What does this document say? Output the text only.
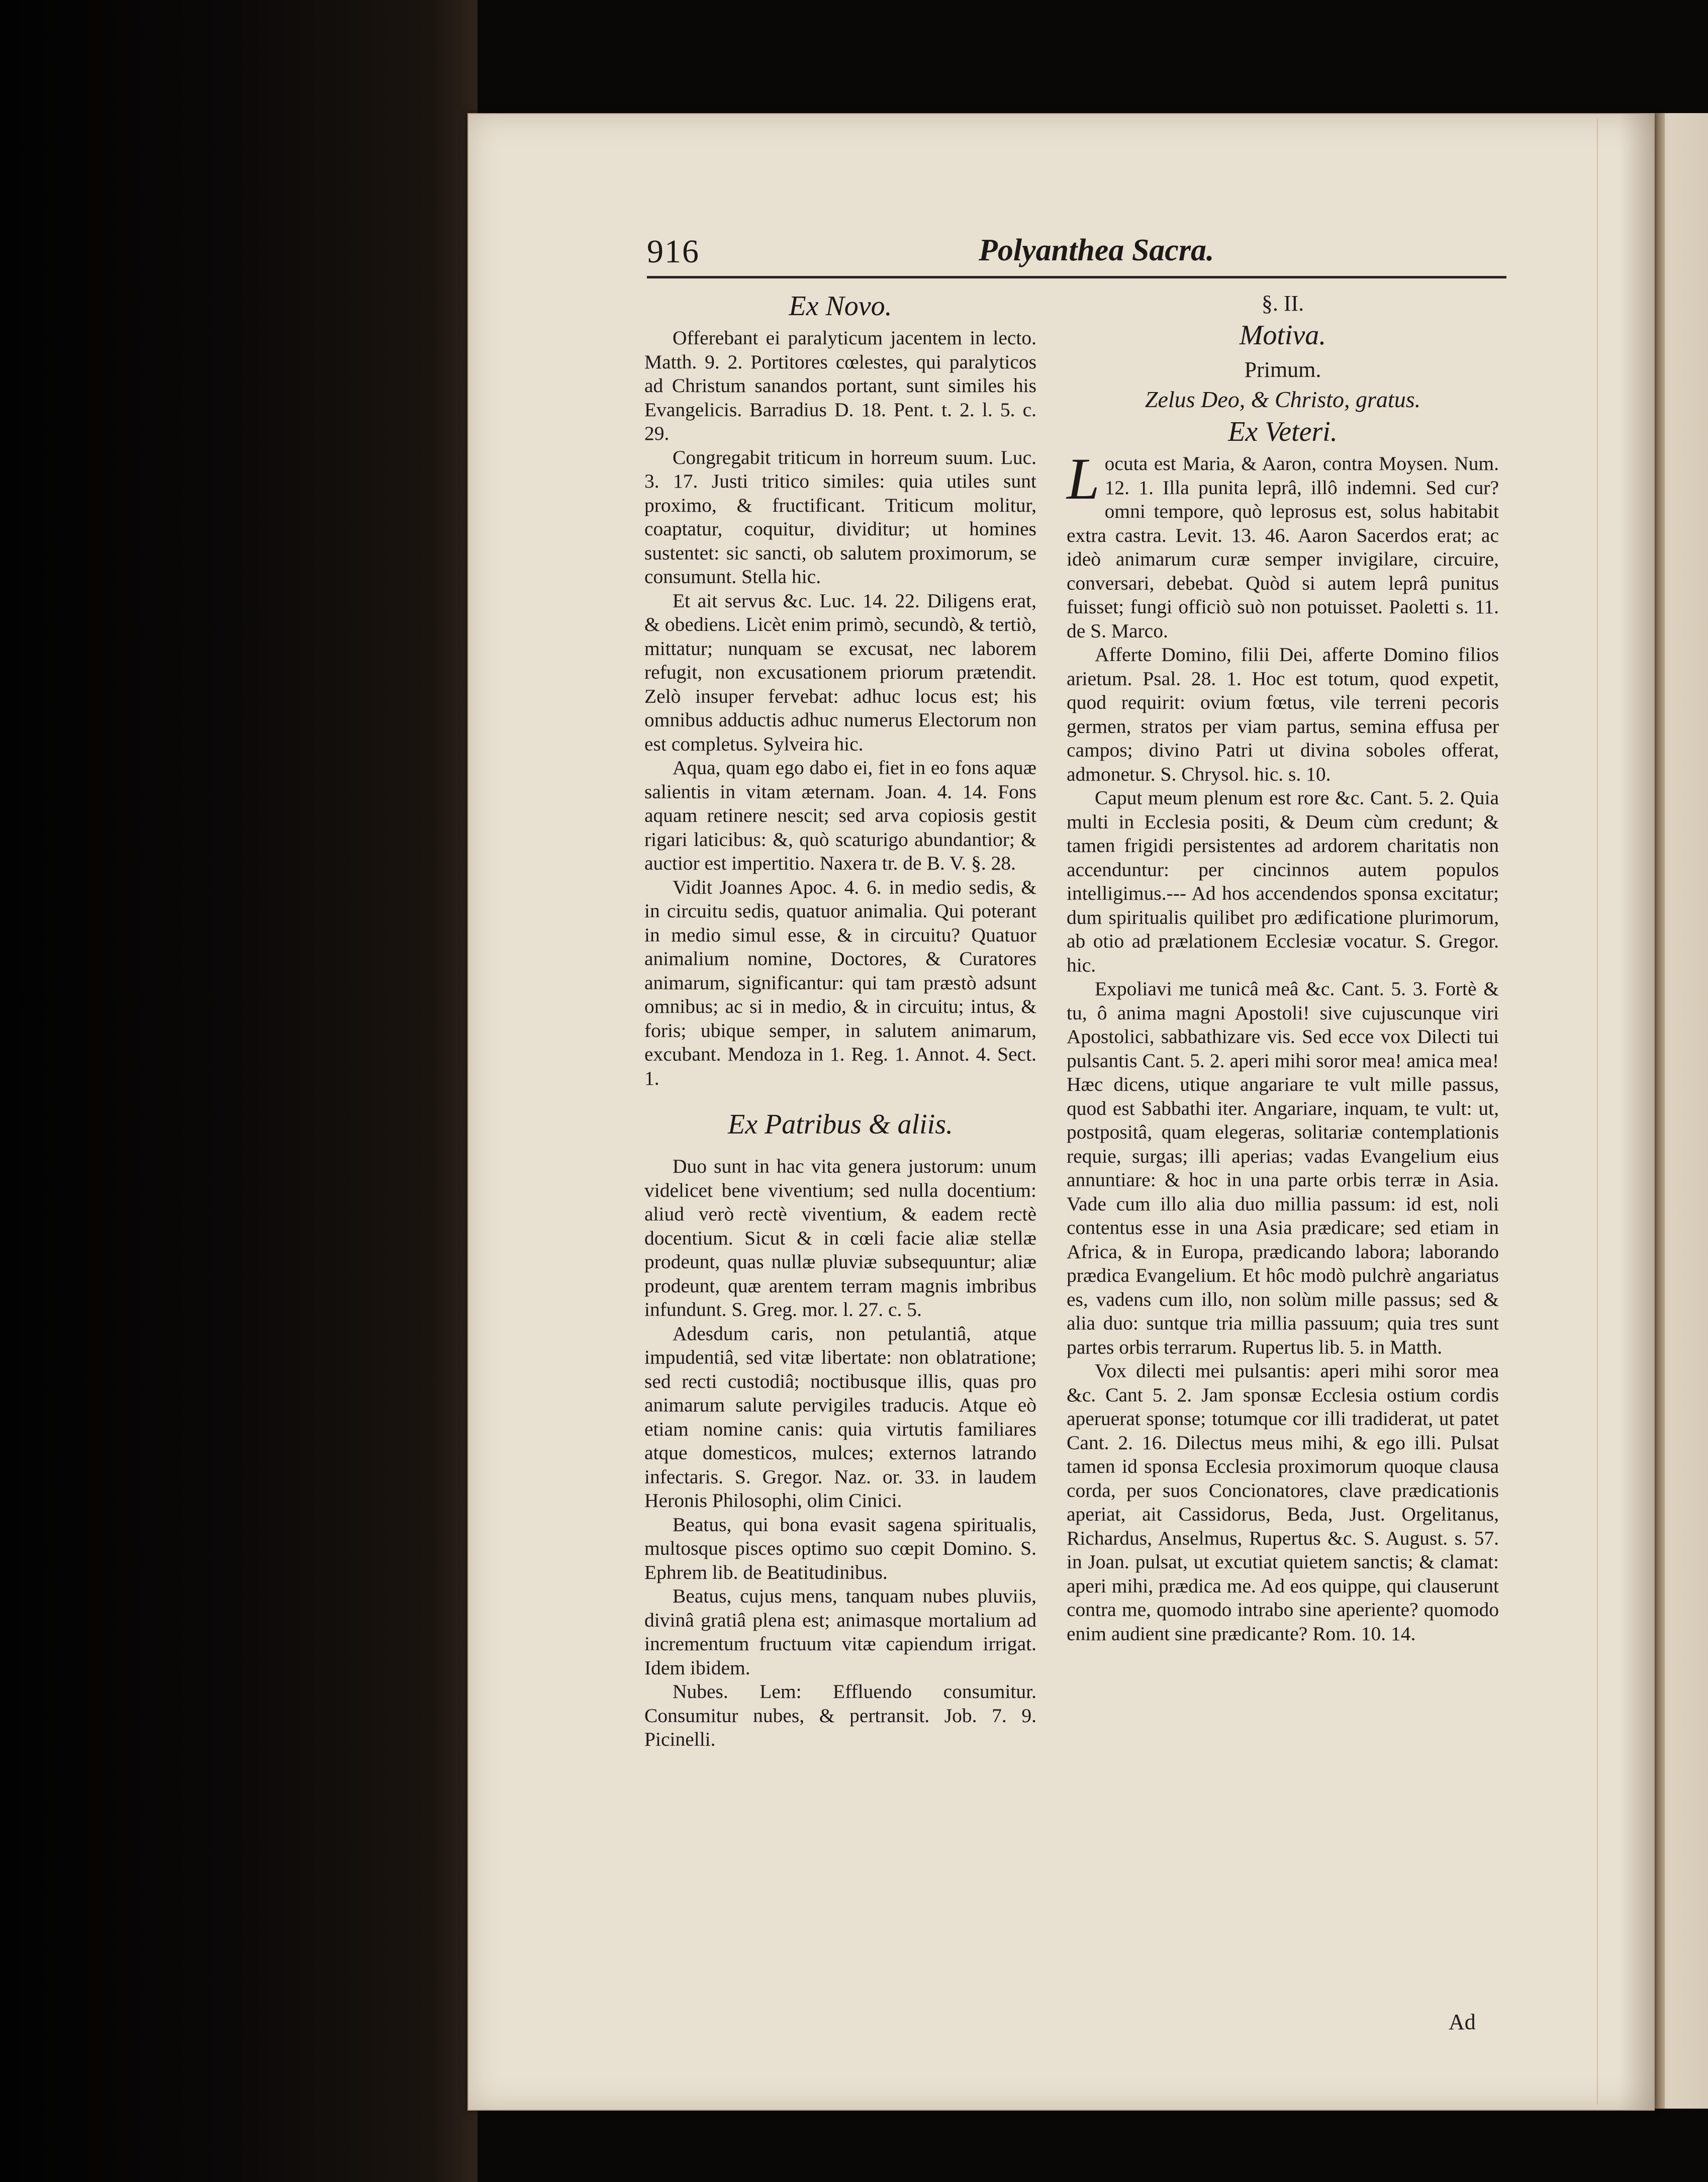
916	Polyanthea Sacra.
Ex Novo.

Offerebant ei paralyticum jacentem in lecto. Matth. 9. 2. Portitores cœlestes, qui paralyticos ad Christum sanandos portant, sunt similes his Evangelicis. Barradius D. 18. Pent. t. 2. l. 5. c. 29.

Congregabit triticum in horreum suum. Luc. 3. 17. Justi tritico similes: quia utiles sunt proximo, & fructificant. Triticum molitur, coaptatur, coquitur, dividitur; ut homines sustentet: sic sancti, ob salutem proximorum, se consumunt. Stella hic.

Et ait servus &c. Luc. 14. 22. Diligens erat, & obediens. Licèt enim primò, secundò, & tertiò, mittatur; nunquam se excusat, nec laborem refugit, non excusationem priorum prætendit. Zelò insuper fervebat: adhuc locus est; his omnibus adductis adhuc numerus Electorum non est completus. Sylveira hic.

Aqua, quam ego dabo ei, fiet in eo fons aquæ salientis in vitam æternam. Joan. 4. 14. Fons aquam retinere nescit; sed arva copiosis gestit rigari laticibus: &, quò scaturigo abundantior; & auctior est impertitio. Naxera tr. de B. V. §. 28.

Vidit Joannes Apoc. 4. 6. in medio sedis, & in circuitu sedis, quatuor animalia. Qui poterant in medio simul esse, & in circuitu? Quatuor animalium nomine, Doctores, & Curatores animarum, significantur: qui tam præstò adsunt omnibus; ac si in medio, & in circuitu; intus, & foris; ubique semper, in salutem animarum, excubant. Mendoza in 1. Reg. 1. Annot. 4. Sect. 1.

Ex Patribus & aliis.

Duo sunt in hac vita genera justorum: unum videlicet bene viventium; sed nulla docentium: aliud verò rectè viventium, & eadem rectè docentium. Sicut & in cœli facie aliæ stellæ prodeunt, quas nullæ pluviæ subsequuntur; aliæ prodeunt, quæ arentem terram magnis imbribus infundunt. S. Greg. mor. l. 27. c. 5.

Adesdum caris, non petulantiâ, atque impudentiâ, sed vitæ libertate: non oblatratione; sed recti custodiâ; noctibusque illis, quas pro animarum salute pervigiles traducis. Atque eò etiam nomine canis: quia virtutis familiares atque domesticos, mulces; externos latrando infectaris. S. Gregor. Naz. or. 33. in laudem Heronis Philosophi, olim Cinici.

Beatus, qui bona evasit sagena spiritualis, multosque pisces optimo suo cœpit Domino. S. Ephrem lib. de Beatitudinibus.

Beatus, cujus mens, tanquam nubes pluviis, divinâ gratiâ plena est; animasque mortalium ad incrementum fructuum vitæ capiendum irrigat. Idem ibidem.

Nubes. Lem: Effluendo consumitur. Consumitur nubes, & pertransit. Job. 7. 9. Picinelli.

§. II.
Motiva.
Primum.
Zelus Deo, & Christo, gratus.
Ex Veteri.

Locuta est Maria, & Aaron, contra Moysen. Num. 12. 1. Illa punita leprâ, illô indemni. Sed cur? omni tempore, quò leprosus est, solus habitabit extra castra. Levit. 13. 46. Aaron Sacerdos erat; ac ideò animarum curæ semper invigilare, circuire, conversari, debebat. Quòd si autem leprâ punitus fuisset; fungi officiò suò non potuisset. Paoletti s. 11. de S. Marco.

Afferte Domino, filii Dei, afferte Domino filios arietum. Psal. 28. 1. Hoc est totum, quod expetit, quod requirit: ovium fœtus, vile terreni pecoris germen, stratos per viam partus, semina effusa per campos; divino Patri ut divina soboles offerat, admonetur. S. Chrysol. hic. s. 10.

Caput meum plenum est rore &c. Cant. 5. 2. Quia multi in Ecclesia positi, & Deum cùm credunt; & tamen frigidi persistentes ad ardorem charitatis non accenduntur: per cincinnos autem populos intelligimus.--- Ad hos accendendos sponsa excitatur; dum spiritualis quilibet pro ædificatione plurimorum, ab otio ad prælationem Ecclesiæ vocatur. S. Gregor. hic.

Expoliavi me tunicâ meâ &c. Cant. 5. 3. Fortè & tu, ô anima magni Apostoli! sive cujuscunque viri Apostolici, sabbathizare vis. Sed ecce vox Dilecti tui pulsantis Cant. 5. 2. aperi mihi soror mea! amica mea! Hæc dicens, utique angariare te vult mille passus, quod est Sabbathi iter. Angariare, inquam, te vult: ut, postpositâ, quam elegeras, solitariæ contemplationis requie, surgas; illi aperias; vadas Evangelium eius annuntiare: & hoc in una parte orbis terræ in Asia. Vade cum illo alia duo millia passum: id est, noli contentus esse in una Asia prædicare; sed etiam in Africa, & in Europa, prædicando labora; laborando prædica Evangelium. Et hôc modò pulchrè angariatus es, vadens cum illo, non solùm mille passus; sed & alia duo: suntque tria millia passuum; quia tres sunt partes orbis terrarum. Rupertus lib. 5. in Matth.

Vox dilecti mei pulsantis: aperi mihi soror mea &c. Cant 5. 2. Jam sponsæ Ecclesia ostium cordis aperuerat sponse; totumque cor illi tradiderat, ut patet Cant. 2. 16. Dilectus meus mihi, & ego illi. Pulsat tamen id sponsa Ecclesia proximorum quoque clausa corda, per suos Concionatores, clave prædicationis aperiat, ait Cassidorus, Beda, Just. Orgelitanus, Richardus, Anselmus, Rupertus &c. S. August. s. 57. in Joan. pulsat, ut excutiat quietem sanctis; & clamat: aperi mihi, prædica me. Ad eos quippe, qui clauserunt contra me, quomodo intrabo sine aperiente? quomodo enim audient sine prædicante? Rom. 10. 14.

Ad
